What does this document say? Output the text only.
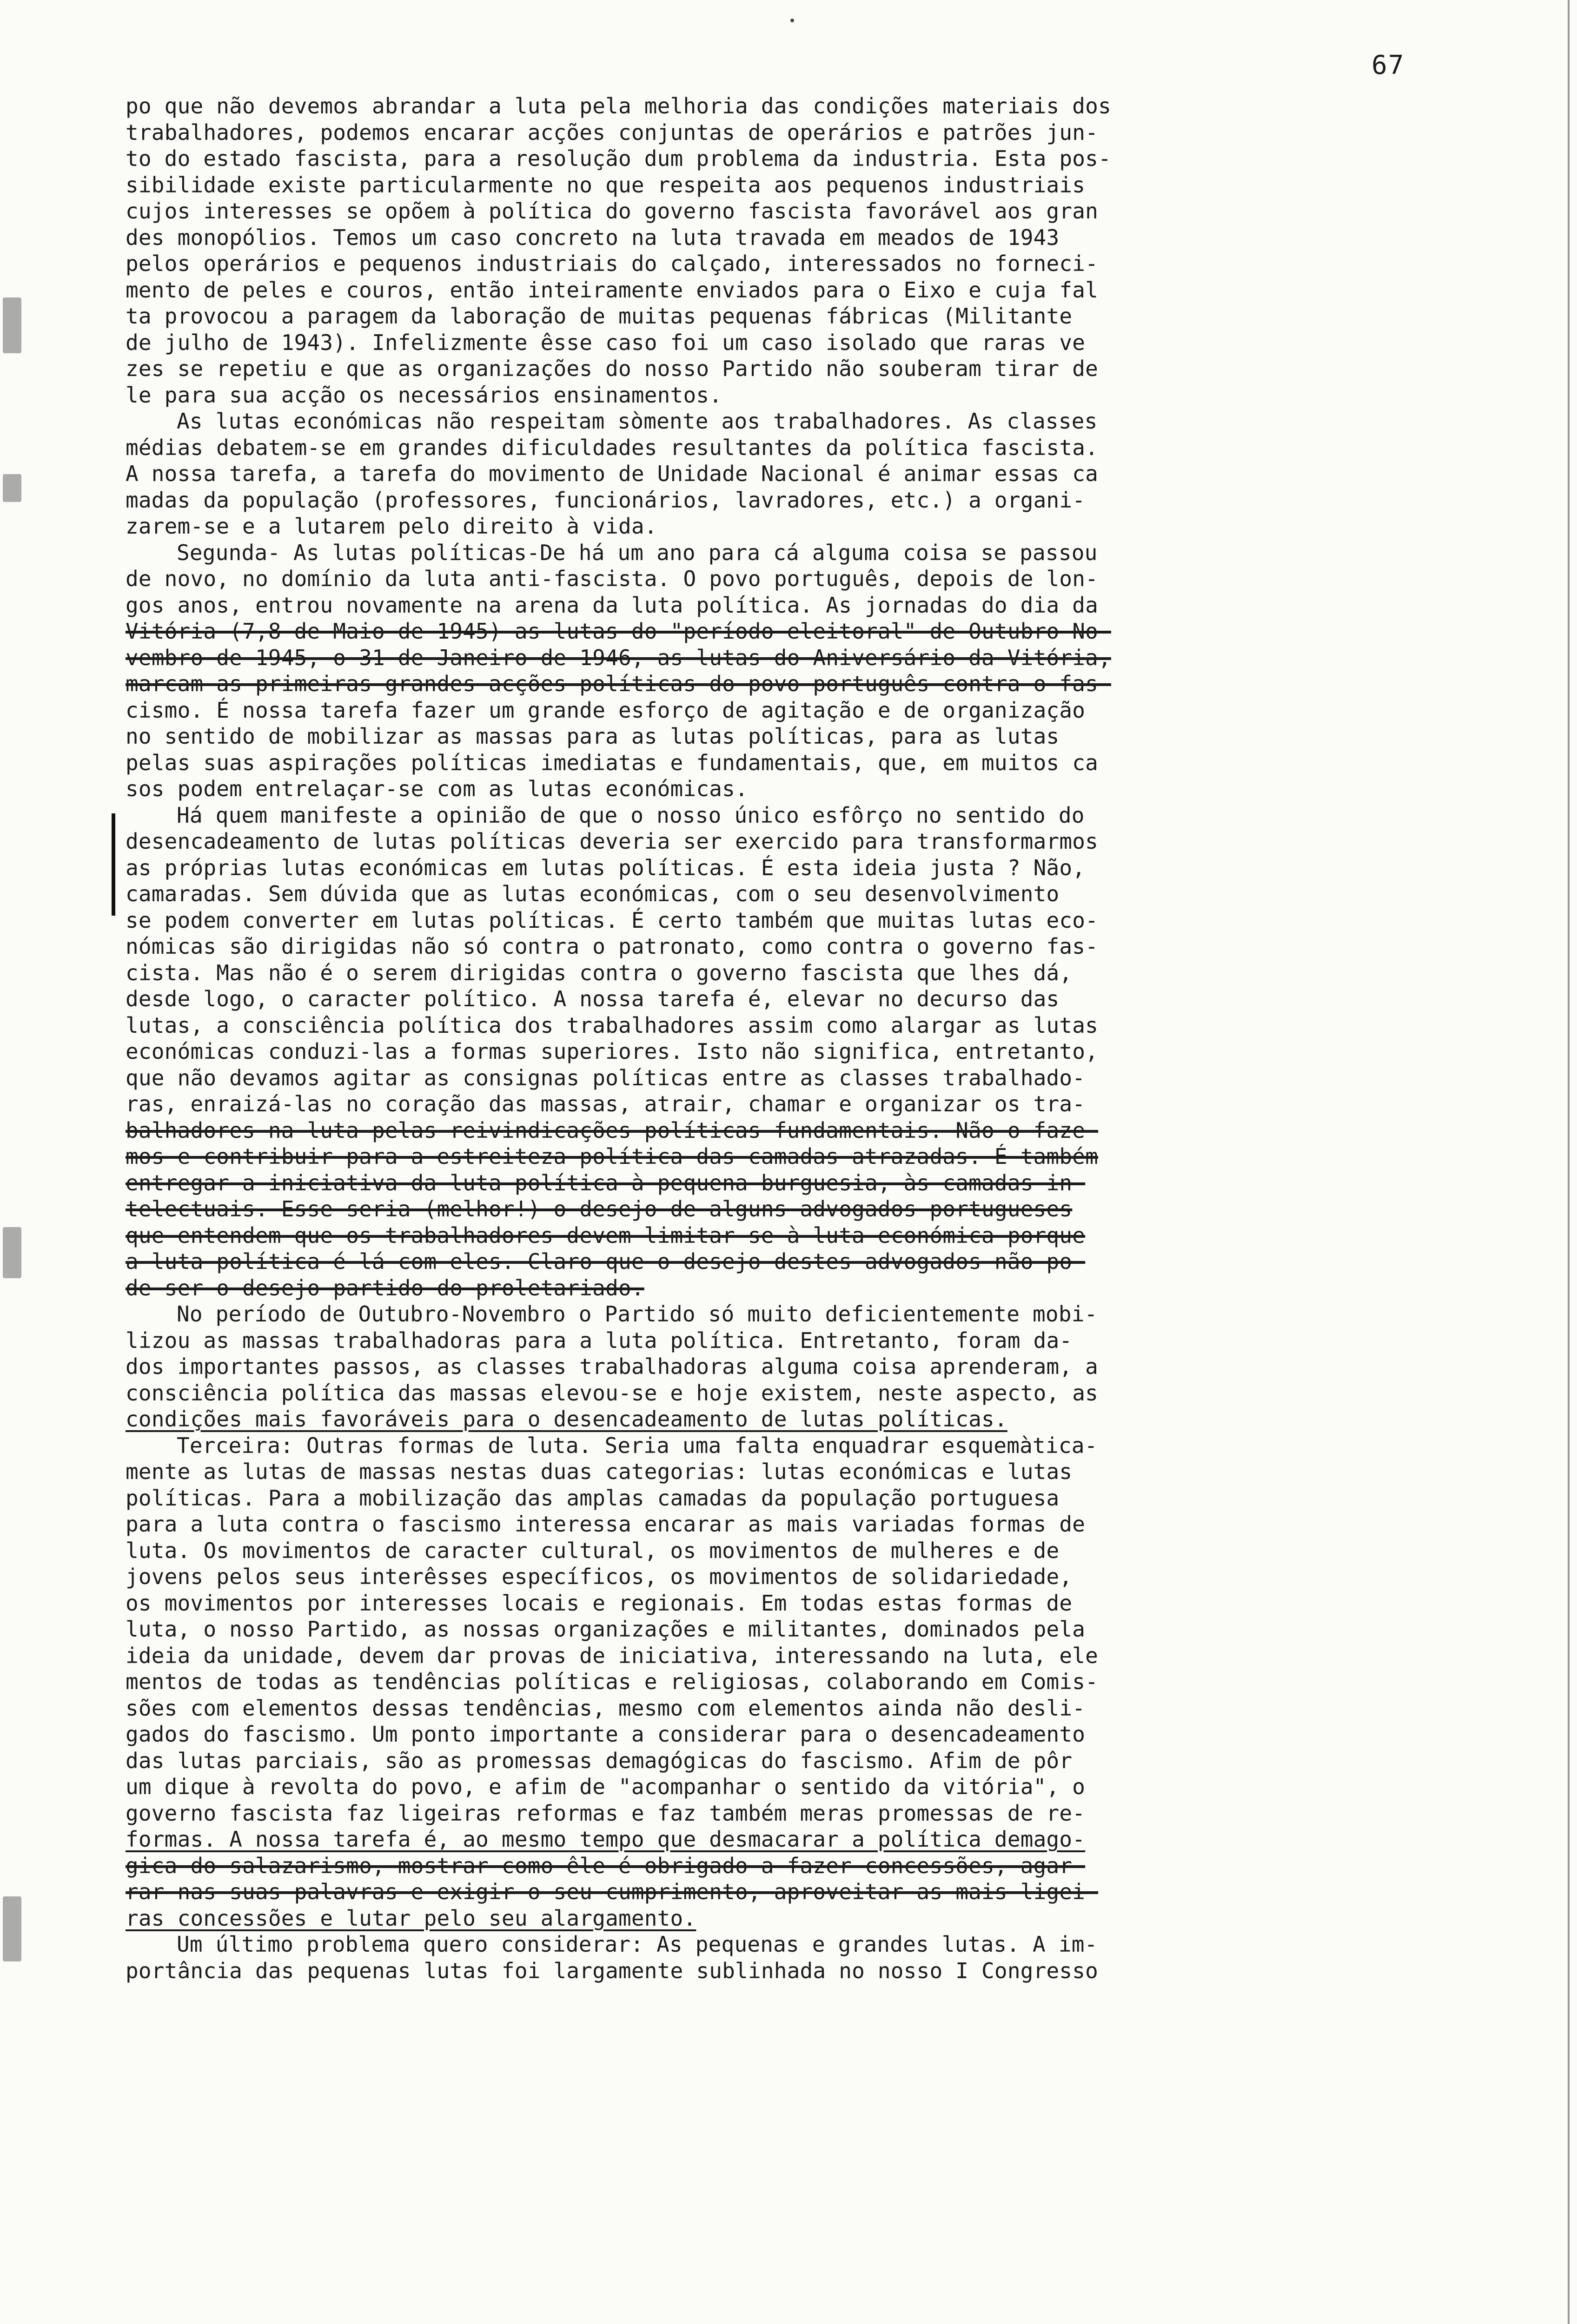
67
po que não devemos abrandar a luta pela melhoria das condições materiais dos
trabalhadores, podemos encarar acções conjuntas de operários e patrões jun-
to do estado fascista, para a resolução dum problema da industria. Esta pos-
sibilidade existe particularmente no que respeita aos pequenos industriais
cujos interesses se opõem à política do governo fascista favorável aos gran
des monopólios. Temos um caso concreto na luta travada em meados de 1943
pelos operários e pequenos industriais do calçado, interessados no forneci-
mento de peles e couros, então inteiramente enviados para o Eixo e cuja fal
ta provocou a paragem da laboração de muitas pequenas fábricas (Militante
de julho de 1943). Infelizmente êsse caso foi um caso isolado que raras ve
zes se repetiu e que as organizações do nosso Partido não souberam tirar de
le para sua acção os necessários ensinamentos.
As lutas económicas não respeitam sòmente aos trabalhadores. As classes
médias debatem-se em grandes dificuldades resultantes da política fascista.
A nossa tarefa, a tarefa do movimento de Unidade Nacional é animar essas ca
madas da população (professores, funcionários, lavradores, etc.) a organi-
zarem-se e a lutarem pelo direito à vida.
Segunda- As lutas políticas-De há um ano para cá alguma coisa se passou
de novo, no domínio da luta anti-fascista. O povo português, depois de lon-
gos anos, entrou novamente na arena da luta política. As jornadas do dia da
Vitória (7,8 de Maio de 1945) as lutas do "período eleitoral" de Outubro-No-
vembro de 1945, o 31 de Janeiro de 1946, as lutas do Aniversário da Vitória,
marcam as primeiras grandes acções políticas do povo português contra o fas-
cismo. É nossa tarefa fazer um grande esforço de agitação e de organização
no sentido de mobilizar as massas para as lutas políticas, para as lutas
pelas suas aspirações políticas imediatas e fundamentais, que, em muitos ca
sos podem entrelaçar-se com as lutas económicas.
Há quem manifeste a opinião de que o nosso único esfôrço no sentido do
desencadeamento de lutas políticas deveria ser exercido para transformarmos
as próprias lutas económicas em lutas políticas. É esta ideia justa ? Não,
camaradas. Sem dúvida que as lutas económicas, com o seu desenvolvimento
se podem converter em lutas políticas. É certo também que muitas lutas eco-
nómicas são dirigidas não só contra o patronato, como contra o governo fas-
cista. Mas não é o serem dirigidas contra o governo fascista que lhes dá,
desde logo, o caracter político. A nossa tarefa é, elevar no decurso das
lutas, a consciência política dos trabalhadores assim como alargar as lutas
económicas conduzi-las a formas superiores. Isto não significa, entretanto,
que não devamos agitar as consignas políticas entre as classes trabalhado-
ras, enraizá-las no coração das massas, atrair, chamar e organizar os tra-
balhadores na luta pelas reivindicações políticas fundamentais. Não o faze-
mos e contribuir para a estreiteza política das camadas atrazadas. É também
entregar a iniciativa da luta política à pequena burguesia, às camadas in-
telectuais. Esse seria (melhor!) o desejo de alguns advogados portugueses
que entendem que os trabalhadores devem limitar-se à luta económica porque
a luta política é lá com eles. Claro que o desejo destes advogados não po-
de ser o desejo partido do proletariado.
No período de Outubro-Novembro o Partido só muito deficientemente mobi-
lizou as massas trabalhadoras para a luta política. Entretanto, foram da-
dos importantes passos, as classes trabalhadoras alguma coisa aprenderam, a
consciência política das massas elevou-se e hoje existem, neste aspecto, as
condições mais favoráveis para o desencadeamento de lutas políticas.
Terceira: Outras formas de luta. Seria uma falta enquadrar esquemàtica-
mente as lutas de massas nestas duas categorias: lutas económicas e lutas
políticas. Para a mobilização das amplas camadas da população portuguesa
para a luta contra o fascismo interessa encarar as mais variadas formas de
luta. Os movimentos de caracter cultural, os movimentos de mulheres e de
jovens pelos seus interêsses específicos, os movimentos de solidariedade,
os movimentos por interesses locais e regionais. Em todas estas formas de
luta, o nosso Partido, as nossas organizações e militantes, dominados pela
ideia da unidade, devem dar provas de iniciativa, interessando na luta, ele
mentos de todas as tendências políticas e religiosas, colaborando em Comis-
sões com elementos dessas tendências, mesmo com elementos ainda não desli-
gados do fascismo. Um ponto importante a considerar para o desencadeamento
das lutas parciais, são as promessas demagógicas do fascismo. Afim de pôr
um dique à revolta do povo, e afim de "acompanhar o sentido da vitória", o
governo fascista faz ligeiras reformas e faz também meras promessas de re-
formas. A nossa tarefa é, ao mesmo tempo que desmacarar a política demago-
gica do salazarismo, mostrar como êle é obrigado a fazer concessões, agar-
rar nas suas palavras e exigir o seu cumprimento, aproveitar as mais ligei-
ras concessões e lutar pelo seu alargamento.
Um último problema quero considerar: As pequenas e grandes lutas. A im-
portância das pequenas lutas foi largamente sublinhada no nosso I Congresso
